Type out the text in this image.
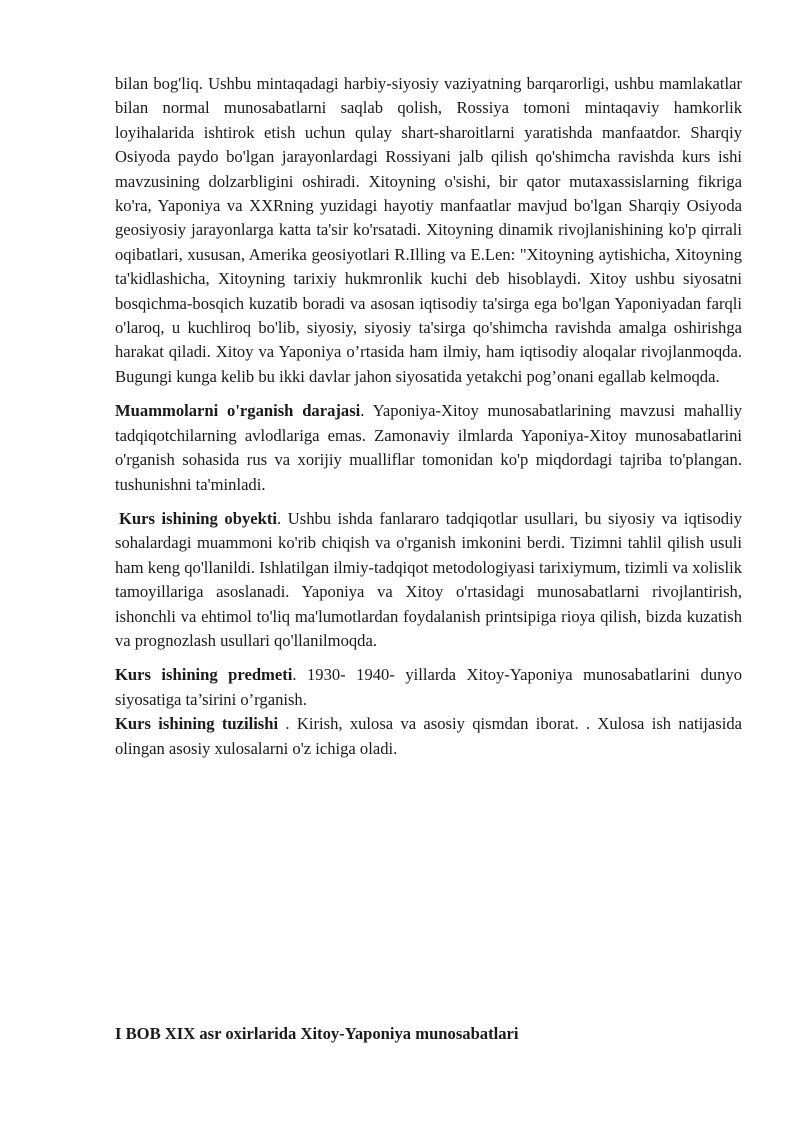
bilan bog'liq. Ushbu mintaqadagi harbiy-siyosiy vaziyatning barqarorligi, ushbu mamlakatlar bilan normal munosabatlarni saqlab qolish, Rossiya tomoni mintaqaviy hamkorlik loyihalarida ishtirok etish uchun qulay shart-sharoitlarni yaratishda manfaatdor. Sharqiy Osiyoda paydo bo'lgan jarayonlardagi Rossiyani jalb qilish qo'shimcha ravishda kurs ishi mavzusining dolzarbligini oshiradi. Xitoyning o'sishi, bir qator mutaxassislarning fikriga ko'ra, Yaponiya va XXRning yuzidagi hayotiy manfaatlar mavjud bo'lgan Sharqiy Osiyoda geosiyosiy jarayonlarga katta ta'sir ko'rsatadi. Xitoyning dinamik rivojlanishining ko'p qirrali oqibatlari, xususan, Amerika geosiyotlari R.Illing va E.Len: "Xitoyning aytishicha, Xitoyning ta'kidlashicha, Xitoyning tarixiy hukmronlik kuchi deb hisoblaydi. Xitoy ushbu siyosatni bosqichma-bosqich kuzatib boradi va asosan iqtisodiy ta'sirga ega bo'lgan Yaponiyadan farqli o'laroq, u kuchliroq bo'lib, siyosiy, siyosiy ta'sirga qo'shimcha ravishda amalga oshirishga harakat qiladi. Xitoy va Yaponiya o’rtasida ham ilmiy, ham iqtisodiy aloqalar rivojlanmoqda. Bugungi kunga kelib bu ikki davlar jahon siyosatida yetakchi pog’onani egallab kelmoqda.

Muammolarni o'rganish darajasi. Yaponiya-Xitoy munosabatlarining mavzusi mahalliy tadqiqotchilarning avlodlariga emas. Zamonaviy ilmlarda Yaponiya-Xitoy munosabatlarini o'rganish sohasida rus va xorijiy mualliflar tomonidan ko'p miqdordagi tajriba to'plangan. tushunishni ta'minladi.

Kurs ishining obyekti. Ushbu ishda fanlararo tadqiqotlar usullari, bu siyosiy va iqtisodiy sohalardagi muammoni ko'rib chiqish va o'rganish imkonini berdi. Tizimni tahlil qilish usuli ham keng qo'llanildi. Ishlatilgan ilmiy-tadqiqot metodologiyasi tarixiymum, tizimli va xolislik tamoyillariga asoslanadi. Yaponiya va Xitoy o'rtasidagi munosabatlarni rivojlantirish, ishonchli va ehtimol to'liq ma'lumotlardan foydalanish printsipiga rioya qilish, bizda kuzatish va prognozlash usullari qo'llanilmoqda.

Kurs ishining predmeti. 1930- 1940- yillarda Xitoy-Yaponiya munosabatlarini dunyo siyosatiga ta’sirini o’rganish.

Kurs ishining tuzilishi . Kirish, xulosa va asosiy qismdan iborat. . Xulosa ish natijasida olingan asosiy xulosalarni o'z ichiga oladi.

I BOB XIX asr oxirlarida Xitoy-Yaponiya munosabatlari
